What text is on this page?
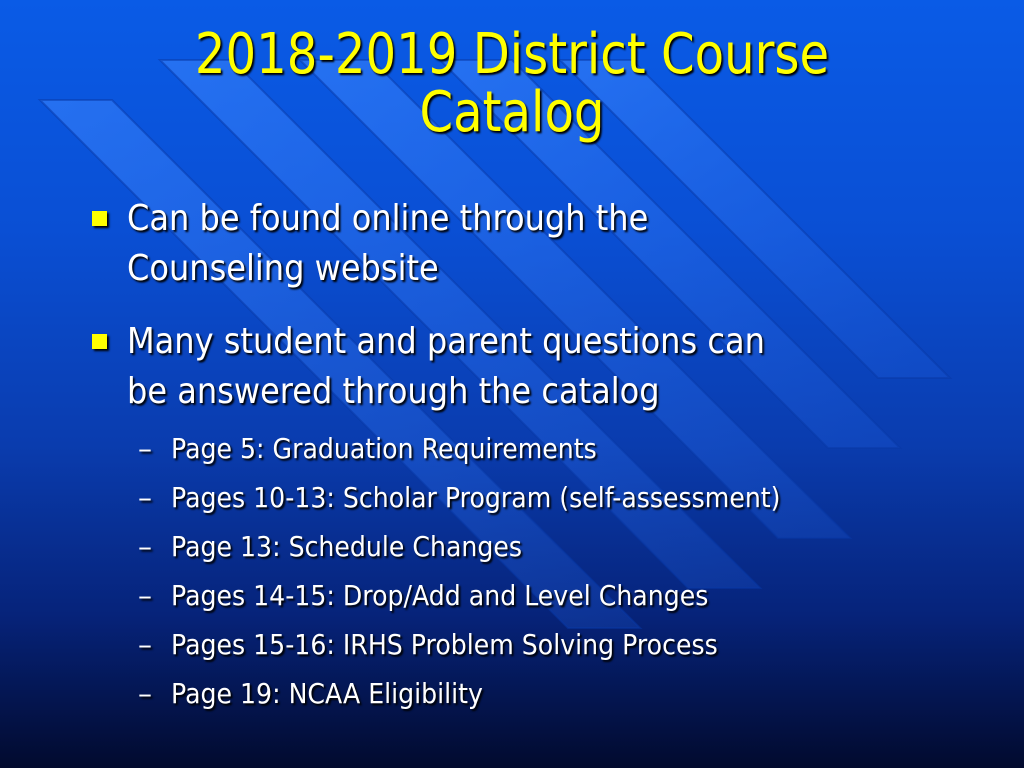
2018-2019 District Course
Catalog
Can be found online through the
Counseling website
Many student and parent questions can
be answered through the catalog
– Page 5: Graduation Requirements
– Pages 10-13: Scholar Program (self-assessment)
– Page 13: Schedule Changes
– Pages 14-15: Drop/Add and Level Changes
– Pages 15-16: IRHS Problem Solving Process
– Page 19: NCAA Eligibility
